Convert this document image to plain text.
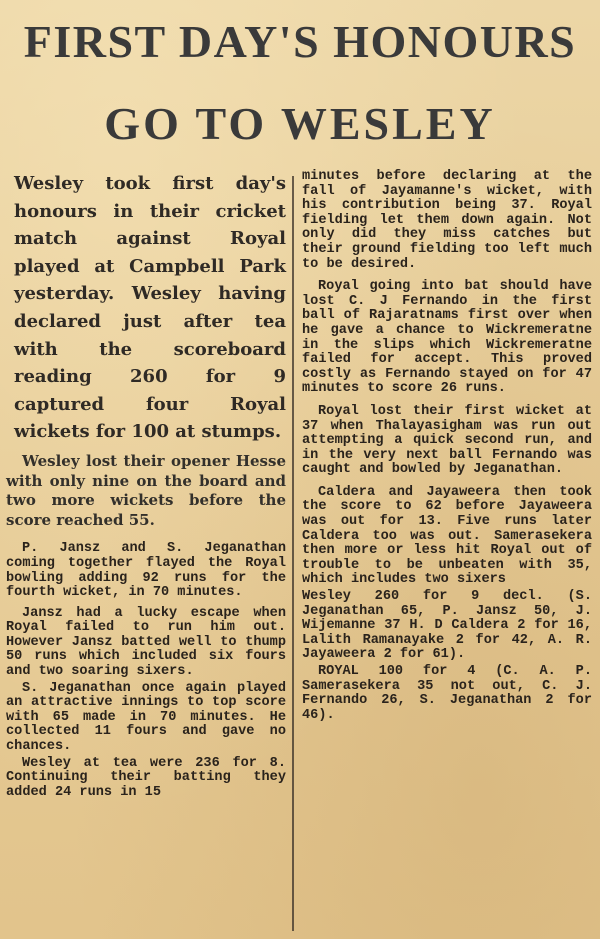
FIRST DAY'S HONOURS
GO TO WESLEY

Wesley took first day's honours in their cricket match against Royal played at Campbell Park yesterday. Wesley having declared just after tea with the scoreboard reading 260 for 9 captured four Royal wickets for 100 at stumps.

Wesley lost their opener Hesse with only nine on the board and two more wickets before the score reached 55.

P. Jansz and S. Jeganathan coming together flayed the Royal bowling adding 92 runs for the fourth wicket, in 70 minutes.

Jansz had a lucky escape when Royal failed to run him out. However Jansz batted well to thump 50 runs which included six fours and two soaring sixers.

S. Jeganathan once again played an attractive innings to top score with 65 made in 70 minutes. He collected 11 fours and gave no chances.

Wesley at tea were 236 for 8. Continuing their batting they added 24 runs in 15

minutes before declaring at the fall of Jayamanne's wicket, with his contribution being 37. Royal fielding let them down again. Not only did they miss catches but their ground fielding too left much to be desired.

Royal going into bat should have lost C. J Fernando in the first ball of Rajaratnams first over when he gave a chance to Wickremeratne in the slips which Wickremeratne failed for accept. This proved costly as Fernando stayed on for 47 minutes to score 26 runs.

Royal lost their first wicket at 37 when Thalayasigham was run out attempting a quick second run, and in the very next ball Fernando was caught and bowled by Jeganathan.

Caldera and Jayaweera then took the score to 62 before Jayaweera was out for 13. Five runs later Caldera too was out. Samerasekera then more or less hit Royal out of trouble to be unbeaten with 35, which includes two sixers

Wesley 260 for 9 decl. (S. Jeganathan 65, P. Jansz 50, J. Wijemanne 37 H. D Caldera 2 for 16, Lalith Ramanayake 2 for 42, A. R. Jayaweera 2 for 61).

ROYAL 100 for 4 (C. A. P. Samerasekera 35 not out, C. J. Fernando 26, S. Jeganathan 2 for 46).
